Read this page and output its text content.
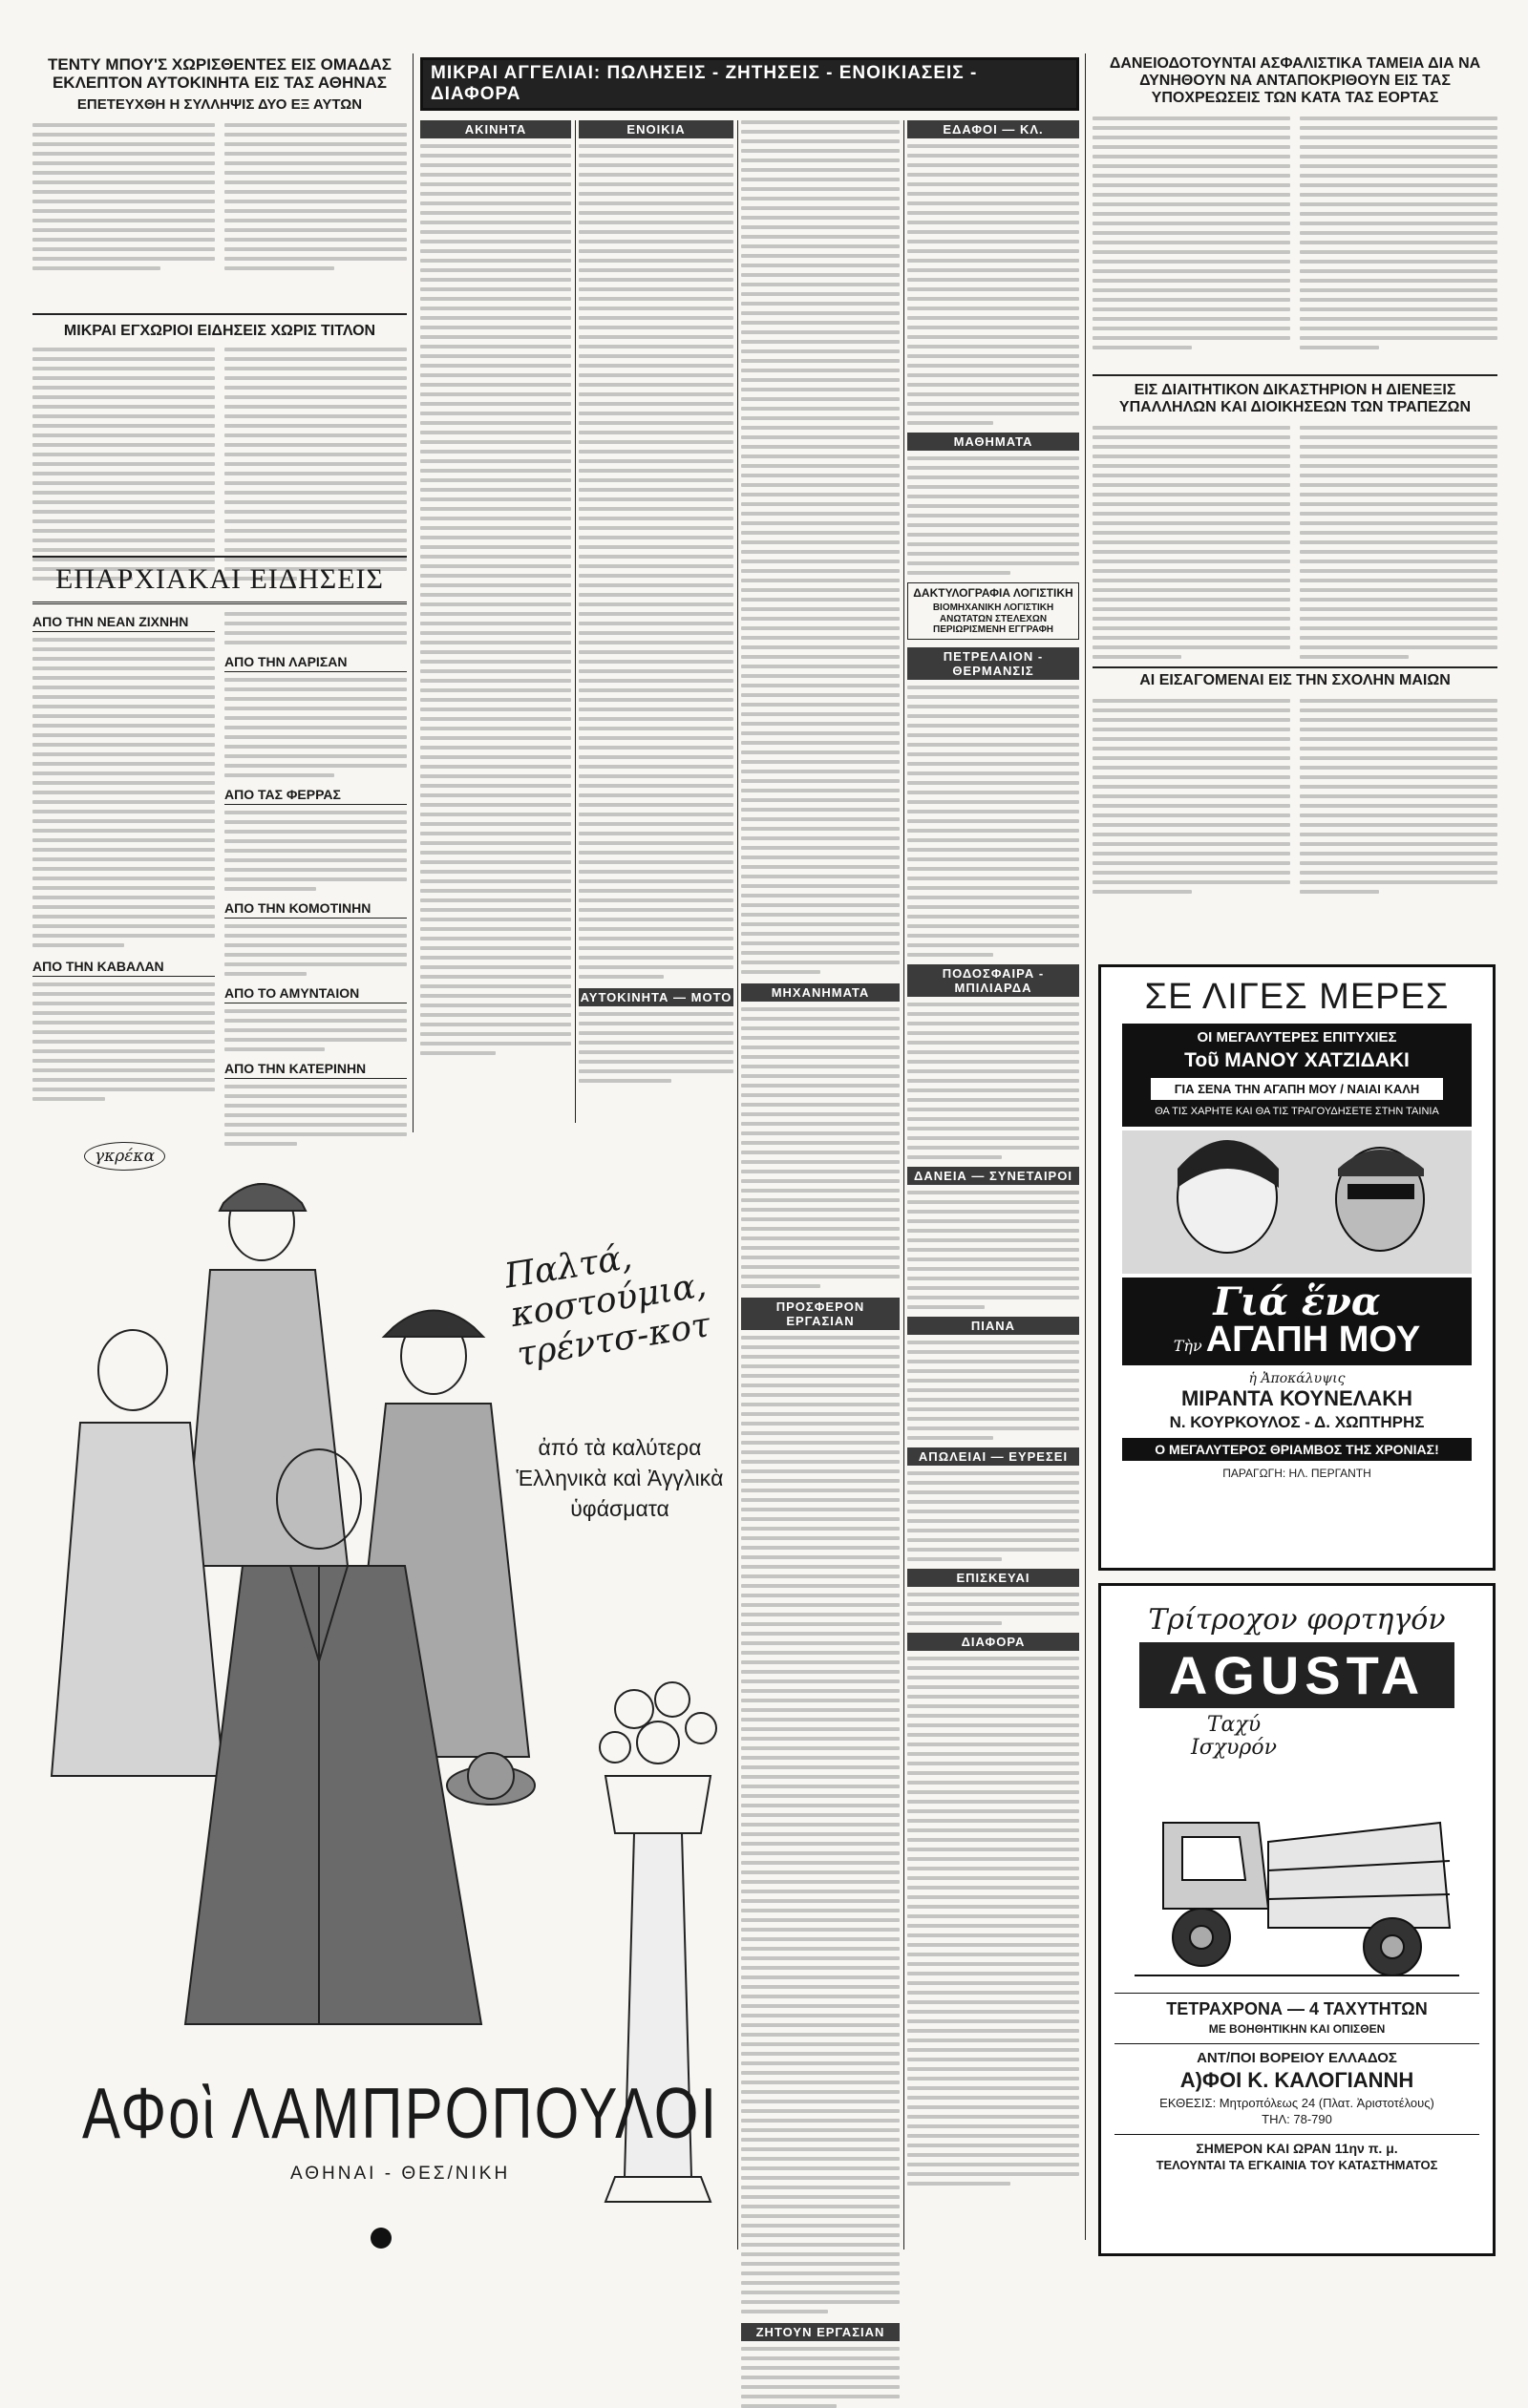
ΤΕΝΤΥ ΜΠΟΥ'Σ ΧΩΡΙΣΘΕΝΤΕΣ ΕΙΣ ΟΜΑΔΑΣ ΕΚΛΕΠΤΟΝ ΑΥΤΟΚΙΝΗΤΑ ΕΙΣ ΤΑΣ ΑΘΗΝΑΣ
ΕΠΕΤΕΥΧΘΗ Η ΣΥΛΛΗΨΙΣ ΔΥΟ ΕΞ ΑΥΤΩΝ
ΜΙΚΡΑΙ ΕΓΧΩΡΙΟΙ ΕΙΔΗΣΕΙΣ ΧΩΡΙΣ ΤΙΤΛΟΝ
ΕΠΑΡΧΙΑΚΑΙ ΕΙΔΗΣΕΙΣ
ΑΠΟ ΤΗΝ ΝΕΑΝ ΖΙΧΝΗΝ
ΑΠΟ ΤΗΝ ΚΑΒΑΛΑΝ
ΑΠΟ ΤΗΝ ΛΑΡΙΣΑΝ
ΑΠΟ ΤΑΣ ΦΕΡΡΑΣ
ΑΠΟ ΤΗΝ ΚΟΜΟΤΙΝΗΝ
ΑΠΟ ΤΟ ΑΜΥΝΤΑΙΟΝ
ΑΠΟ ΤΗΝ ΚΑΤΕΡΙΝΗΝ
γκρέκα
Παλτά, κοστούμια, τρέντσ-κοτ
ἀπό τὰ καλύτερα Ἑλληνικὰ καὶ Ἀγγλικὰ ὑφάσματα
ΑΦοὶ ΛΑΜΠΡΟΠΟΥΛΟΙ
ΑΘΗΝΑΙ - ΘΕΣ/ΝΙΚΗ
ΜΙΚΡΑΙ ΑΓΓΕΛΙΑΙ: ΠΩΛΗΣΕΙΣ - ΖΗΤΗΣΕΙΣ - ΕΝΟΙΚΙΑΣΕΙΣ - ΔΙΑΦΟΡΑ
ΑΚΙΝΗΤΑ	ΕΝΟΙΚΙΑ
ΑΥΤΟΚΙΝΗΤΑ — ΜΟΤΟ	ΜΗΧΑΝΗΜΑΤΑ
ΠΡΟΣΦΕΡΟΝ ΕΡΓΑΣΙΑΝ
ΖΗΤΟΥΝ ΕΡΓΑΣΙΑΝ
ΕΔΑΦΟΙ — ΚΛ.
ΜΑΘΗΜΑΤΑ
ΔΑΚΤΥΛΟΓΡΑΦΙΑ ΛΟΓΙΣΤΙΚΗ
ΒΙΟΜΗΧΑΝΙΚΗ ΛΟΓΙΣΤΙΚΗ ΑΝΩΤΑΤΩΝ ΣΤΕΛΕΧΩΝ ΠΕΡΙΩΡΙΣΜΕΝΗ ΕΓΓΡΑΦΗ
ΠΕΤΡΕΛΑΙΟΝ - ΘΕΡΜΑΝΣΙΣ
ΠΟΔΟΣΦΑΙΡΑ - ΜΠΙΛΙΑΡΔΑ
ΔΑΝΕΙΑ — ΣΥΝΕΤΑΙΡΟΙ
ΠΙΑΝΑ
ΑΠΩΛΕΙΑΙ — ΕΥΡΕΣΕΙ
ΕΠΙΣΚΕΥΑΙ
ΔΙΑΦΟΡΑ
ΔΑΝΕΙΟΔΟΤΟΥΝΤΑΙ ΑΣΦΑΛΙΣΤΙΚΑ ΤΑΜΕΙΑ ΔΙΑ ΝΑ ΔΥΝΗΘΟΥΝ ΝΑ ΑΝΤΑΠΟΚΡΙΘΟΥΝ ΕΙΣ ΤΑΣ ΥΠΟΧΡΕΩΣΕΙΣ ΤΩΝ ΚΑΤΑ ΤΑΣ ΕΟΡΤΑΣ
ΕΙΣ ΔΙΑΙΤΗΤΙΚΟΝ ΔΙΚΑΣΤΗΡΙΟΝ Η ΔΙΕΝΕΞΙΣ ΥΠΑΛΛΗΛΩΝ ΚΑΙ ΔΙΟΙΚΗΣΕΩΝ ΤΩΝ ΤΡΑΠΕΖΩΝ
ΑΙ ΕΙΣΑΓΟΜΕΝΑΙ ΕΙΣ ΤΗΝ ΣΧΟΛΗΝ ΜΑΙΩΝ
ΣΕ ΛΙΓΕΣ ΜΕΡΕΣ
ΟΙ ΜΕΓΑΛΥΤΕΡΕΣ ΕΠΙΤΥΧΙΕΣ
Τοῦ ΜΑΝΟΥ ΧΑΤΖΙΔΑΚΙ
ΓΙΑ ΣΕΝΑ ΤΗΝ ΑΓΑΠΗ ΜΟΥ / ΝΑΙΑΙ ΚΑΛΗ
ΘΑ ΤΙΣ ΧΑΡΗΤΕ ΚΑΙ ΘΑ ΤΙΣ ΤΡΑΓΟΥΔΗΣΕΤΕ ΣΤΗΝ ΤΑΙΝΙΑ
Γιά ἕνα
Τὴν ΑΓΑΠΗ ΜΟΥ
ἡ Ἀποκάλυψις
ΜΙΡΑΝΤΑ ΚΟΥΝΕΛΑΚΗ
Ν. ΚΟΥΡΚΟΥΛΟΣ - Δ. ΧΩΠΤΗΡΗΣ
Ο ΜΕΓΑΛΥΤΕΡΟΣ ΘΡΙΑΜΒΟΣ ΤΗΣ ΧΡΟΝΙΑΣ!
ΠΑΡΑΓΩΓΗ: ΗΛ. ΠΕΡΓΑΝΤΗ
Τρίτροχον φορτηγόν
AGUSTA
Ταχύ Ισχυρόν
ΤΕΤΡΑΧΡΟΝΑ — 4 ΤΑΧΥΤΗΤΩΝ
ΜΕ ΒΟΗΘΗΤΙΚΗΝ ΚΑΙ ΟΠΙΣΘΕΝ
ΑΝΤ/ΠΟΙ ΒΟΡΕΙΟΥ ΕΛΛΑΔΟΣ
Α)ΦΟΙ Κ. ΚΑΛΟΓΙΑΝΝΗ
ΕΚΘΕΣΙΣ: Μητροπόλεως 24 (Πλατ. Ἀριστοτέλους)
ΤΗΛ: 78-790
ΣΗΜΕΡΟΝ ΚΑΙ ΩΡΑΝ 11ην π. μ.
ΤΕΛΟΥΝΤΑΙ ΤΑ ΕΓΚΑΙΝΙΑ ΤΟΥ ΚΑΤΑΣΤΗΜΑΤΟΣ
